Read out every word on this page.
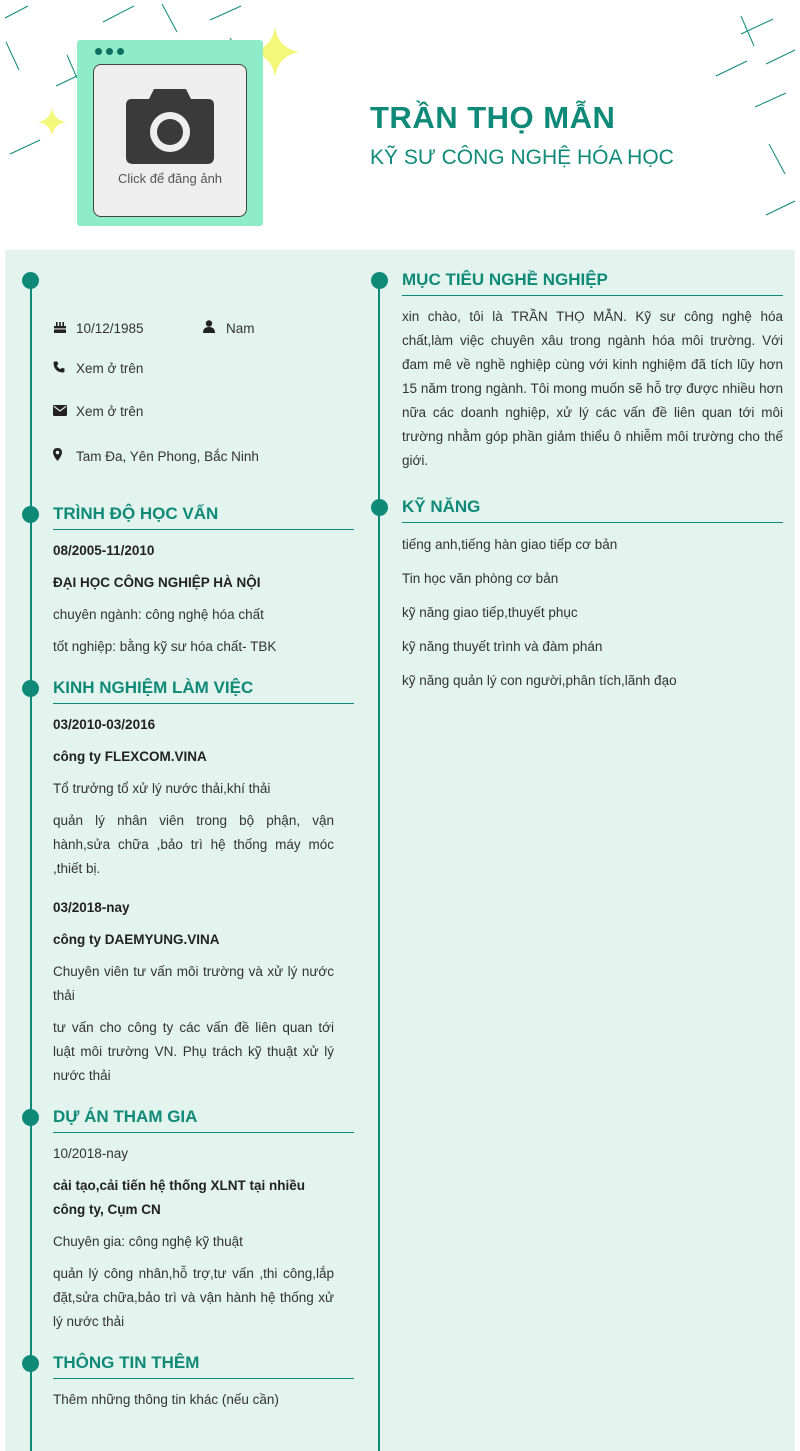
Click để đăng ảnh
TRẦN THỌ MẪN
KỸ SƯ CÔNG NGHỆ HÓA HỌC
10/12/1985	Nam
Xem ở trên
Xem ở trên
Tam Đa, Yên Phong, Bắc Ninh
TRÌNH ĐỘ HỌC VẤN
08/2005-11/2010
ĐẠI HỌC CÔNG NGHIỆP HÀ NỘI
chuyên ngành: công nghệ hóa chất
tốt nghiệp: bằng kỹ sư hóa chất- TBK
KINH NGHIỆM LÀM VIỆC
03/2010-03/2016
công ty FLEXCOM.VINA
Tổ trưởng tổ xử lý nước thải,khí thải
quản lý nhân viên trong bộ phận, vận hành,sửa chữa ,bảo trì hệ thống máy móc ,thiết bị.
03/2018-nay
công ty DAEMYUNG.VINA
Chuyên viên tư vấn môi trường và xử lý nước thải
tư vấn cho công ty các vấn đề liên quan tới luật môi trường VN. Phụ trách kỹ thuật xử lý nước thải
DỰ ÁN THAM GIA
10/2018-nay
cải tạo,cải tiến hệ thống XLNT tại nhiều công ty, Cụm CN
Chuyên gia: công nghệ kỹ thuật
quản lý công nhân,hỗ trợ,tư vấn ,thi công,lắp đặt,sửa chữa,bảo trì và vận hành hệ thống xử lý nước thải
THÔNG TIN THÊM
Thêm những thông tin khác (nếu cần)
MỤC TIÊU NGHỀ NGHIỆP
xin chào, tôi là TRẦN THỌ MẪN. Kỹ sư công nghệ hóa chất,làm việc chuyên xâu trong ngành hóa môi trường. Với đam mê về nghề nghiệp cùng với kinh nghiệm đã tích lũy hơn 15 năm trong ngành. Tôi mong muốn sẽ hỗ trợ được nhiều hơn nữa các doanh nghiệp, xử lý các vấn đề liên quan tới môi trường nhằm góp phần giảm thiểu ô nhiễm môi trường cho thế giới.
KỸ NĂNG
tiếng anh,tiếng hàn giao tiếp cơ bản
Tin học văn phòng cơ bản
kỹ năng giao tiếp,thuyết phục
kỹ năng thuyết trình và đàm phán
kỹ năng quản lý con người,phân tích,lãnh đạo
